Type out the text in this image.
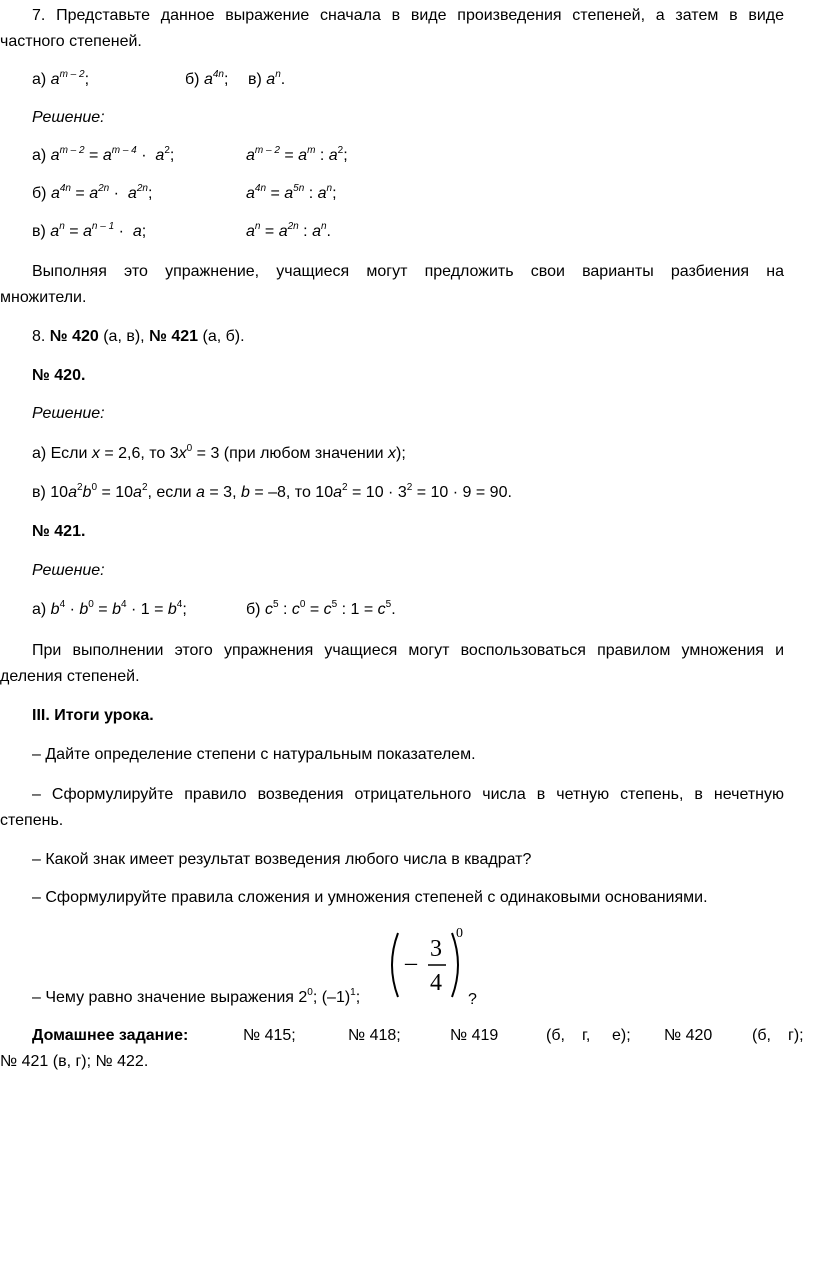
7. Представьте данное выражение сначала в виде произведения степеней, а затем в виде
частного степеней.
а) $a^{m - 2}$;	б) $a^{4n}$; в) $a^n$.
Решение:
а) $a^{m - 2} = a^{m - 4} \cdot a^2$;	$a^{m - 2} = a^m$ : $a^2$;
б) $a^{4n} = a^{2n} \cdot a^{2n}$;	$a^{4n} = a^{5n}$ : $a^n$;
в) $a^n = a^{n - 1} \cdot a$;	$a^n = a^{2n}$ : $a^n$.
Выполняя это упражнение, учащиеся могут предложить свои варианты разбиения на
множители.
8. № 420 (а, в), № 421 (а, б).
№ 420.
Решение:
а) Если x = 2,6, то $3x^0 = 3$ (при любом значении x);
в) $10a^2b^0 = 10a^2$, если a = 3, b = –8, то $10a^2 = 10 \cdot 3^2 = 10 \cdot 9 = 90$.
№ 421.
Решение:
а) $b^4 \cdot b^0 = b^4 \cdot 1 = b^4$;	б) $c^5$ : $c^0 = c^5$ : $1 = c^5$.
При выполнении этого упражнения учащиеся могут воспользоваться правилом умножения и
деления степеней.
III. Итоги урока.
– Дайте определение степени с натуральным показателем.
– Сформулируйте правило возведения отрицательного числа в четную степень, в нечетную
степень.
– Какой знак имеет результат возведения любого числа в квадрат?
– Сформулируйте правила сложения и умножения степеней с одинаковыми основаниями.
– Чему равно значение выражения $2^0$; $(-1)^1$;
–
3
4
0
?
Домашнее задание:	№ 415;	№ 418;	№ 419	(б, г, е); № 420 (б, г);
№ 421 (в, г); № 422.
